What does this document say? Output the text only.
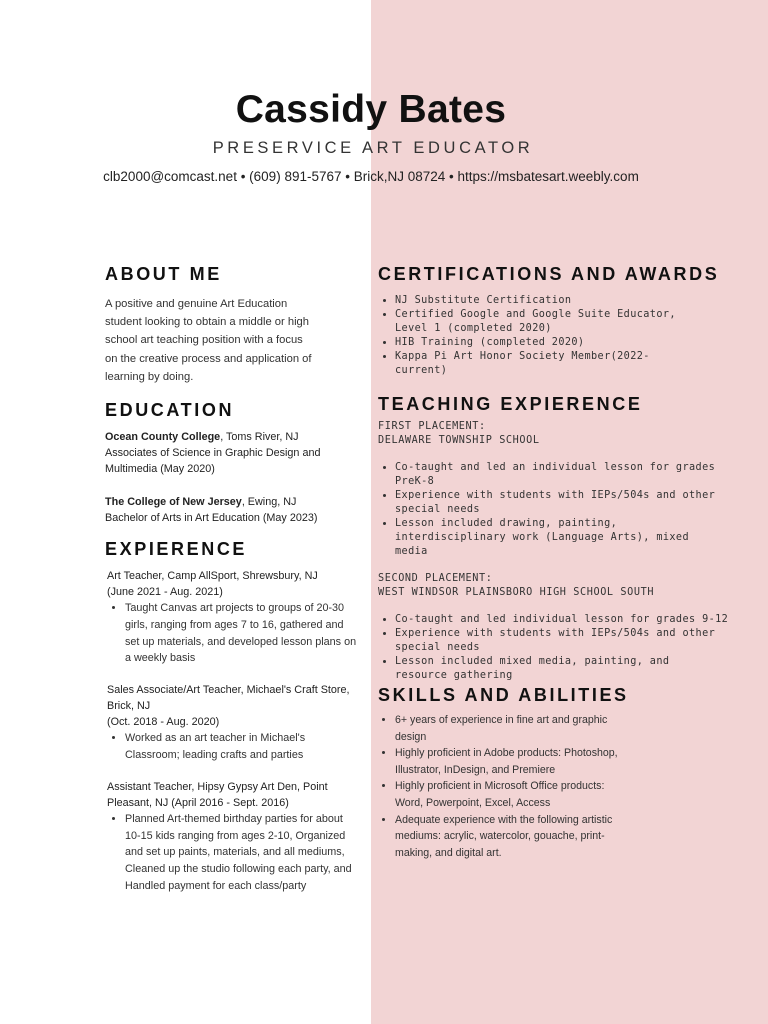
Cassidy Bates
PRESERVICE ART EDUCATOR
clb2000@comcast.net • (609) 891-5767 • Brick,NJ 08724 • https://msbatesart.weebly.com
ABOUT ME

A positive and genuine Art Education

student looking to obtain a middle or high

school art teaching position with a focus

on the creative process and application of

learning by doing.

EDUCATION

Ocean County College, Toms River, NJ

Associates of Science in Graphic Design and

Multimedia (May 2020)

The College of New Jersey, Ewing, NJ

Bachelor of Arts in Art Education (May 2023)

EXPIERENCE

Art Teacher, Camp AllSport, Shrewsbury, NJ

(June 2021 - Aug. 2021)

• Taught Canvas art projects to groups of 20-30
girls, ranging from ages 7 to 16, gathered and
set up materials, and developed lesson plans on
a weekly basis

Sales Associate/Art Teacher, Michael's Craft Store,

Brick, NJ

(Oct. 2018 - Aug. 2020)

• Worked as an art teacher in Michael's
Classroom; leading crafts and parties

Assistant Teacher, Hipsy Gypsy Art Den, Point

Pleasant, NJ (April 2016 - Sept. 2016)

• Planned Art-themed birthday parties for about
10-15 kids ranging from ages 2-10, Organized
and set up paints, materials, and all mediums,
Cleaned up the studio following each party, and
Handled payment for each class/party
CERTIFICATIONS AND AWARDS
• NJ Substitute Certification
• Certified Google and Google Suite Educator,
Level 1 (completed 2020)
• HIB Training (completed 2020)
• Kappa Pi Art Honor Society Member(2022-
current)
TEACHING EXPIERENCE

FIRST PLACEMENT:

DELAWARE TOWNSHIP SCHOOL

• Co-taught and led an individual lesson for grades
PreK-8
• Experience with students with IEPs/504s and other
special needs
• Lesson included drawing, painting,
interdisciplinary work (Language Arts), mixed
media

SECOND PLACEMENT:

WEST WINDSOR PLAINSBORO HIGH SCHOOL SOUTH

• Co-taught and led individual lesson for grades 9-12
• Experience with students with IEPs/504s and other
special needs
• Lesson included mixed media, painting, and
resource gathering
SKILLS AND ABILITIES
• 6+ years of experience in fine art and graphic
design
• Highly proficient in Adobe products: Photoshop,
Illustrator, InDesign, and Premiere
• Highly proficient in Microsoft Office products:
Word, Powerpoint, Excel, Access
• Adequate experience with the following artistic
mediums: acrylic, watercolor, gouache, print-
making, and digital art.
